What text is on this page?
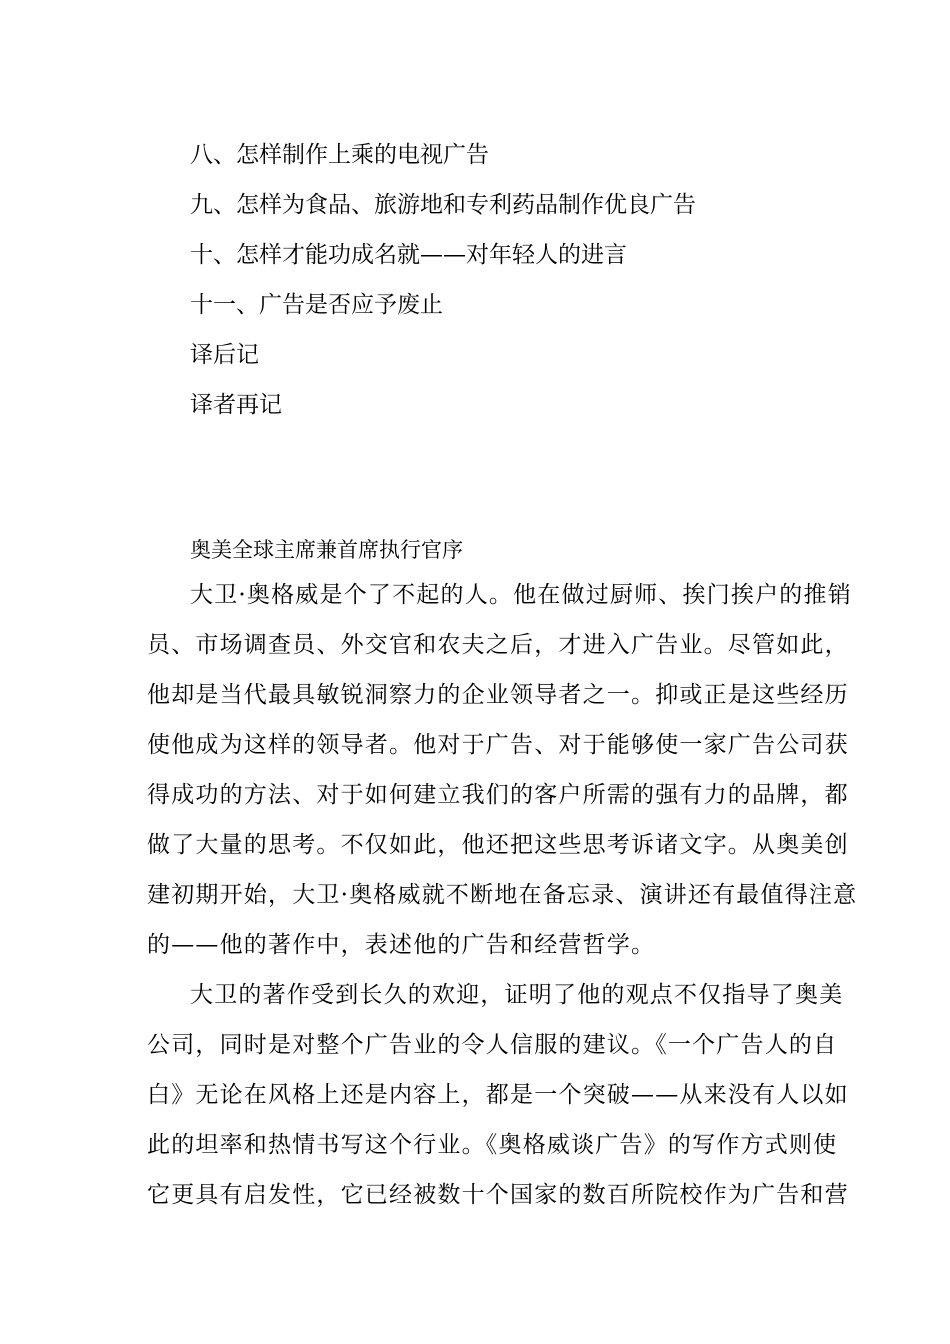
八、怎样制作上乘的电视广告
九、怎样为食品、旅游地和专利药品制作优良广告
十、怎样才能功成名就——对年轻人的进言
十一、广告是否应予废止
译后记
译者再记
奥美全球主席兼首席执行官序
大卫·奥格威是个了不起的人。他在做过厨师、挨门挨户的推销
员、市场调查员、外交官和农夫之后，才进入广告业。尽管如此，
他却是当代最具敏锐洞察力的企业领导者之一。抑或正是这些经历
使他成为这样的领导者。他对于广告、对于能够使一家广告公司获
得成功的方法、对于如何建立我们的客户所需的强有力的品牌，都
做了大量的思考。不仅如此，他还把这些思考诉诸文字。从奥美创
建初期开始，大卫·奥格威就不断地在备忘录、演讲还有最值得注意
的——他的著作中，表述他的广告和经营哲学。
大卫的著作受到长久的欢迎，证明了他的观点不仅指导了奥美
公司，同时是对整个广告业的令人信服的建议。《一个广告人的自
白》无论在风格上还是内容上，都是一个突破——从来没有人以如
此的坦率和热情书写这个行业。《奥格威谈广告》的写作方式则使
它更具有启发性，它已经被数十个国家的数百所院校作为广告和营
